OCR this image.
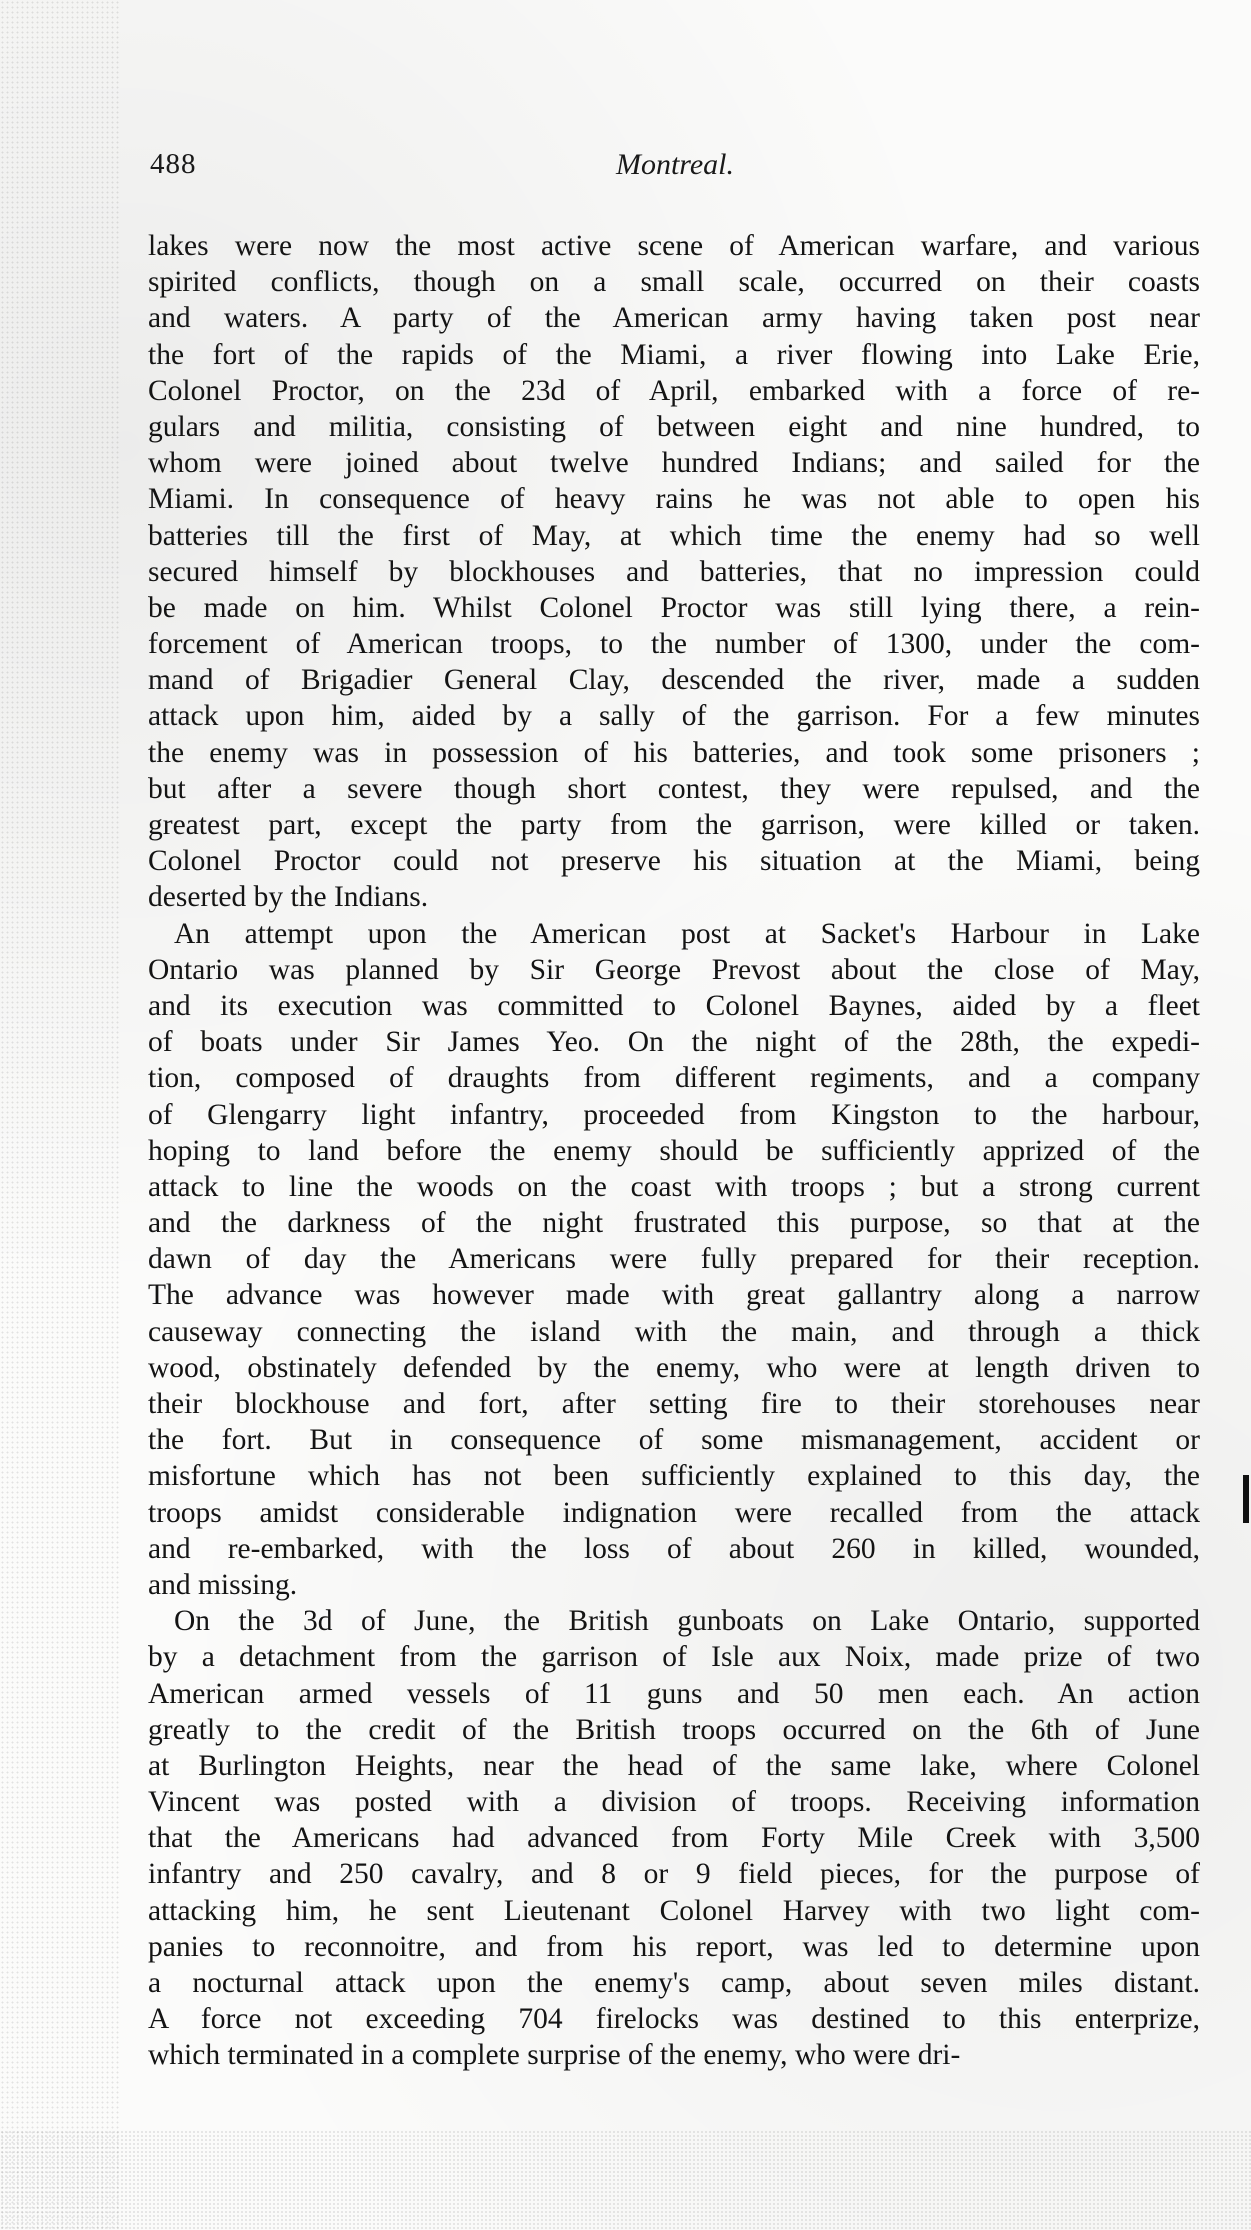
488	Montreal.
lakes were now the most active scene of American warfare, and various
spirited conflicts, though on a small scale, occurred on their coasts
and waters. A party of the American army having taken post near
the fort of the rapids of the Miami, a river flowing into Lake Erie,
Colonel Proctor, on the 23d of April, embarked with a force of re-
gulars and militia, consisting of between eight and nine hundred, to
whom were joined about twelve hundred Indians; and sailed for the
Miami. In consequence of heavy rains he was not able to open his
batteries till the first of May, at which time the enemy had so well
secured himself by blockhouses and batteries, that no impression could
be made on him. Whilst Colonel Proctor was still lying there, a rein-
forcement of American troops, to the number of 1300, under the com-
mand of Brigadier General Clay, descended the river, made a sudden
attack upon him, aided by a sally of the garrison. For a few minutes
the enemy was in possession of his batteries, and took some prisoners ;
but after a severe though short contest, they were repulsed, and the
greatest part, except the party from the garrison, were killed or taken.
Colonel Proctor could not preserve his situation at the Miami, being
deserted by the Indians.
An attempt upon the American post at Sacket's Harbour in Lake
Ontario was planned by Sir George Prevost about the close of May,
and its execution was committed to Colonel Baynes, aided by a fleet
of boats under Sir James Yeo. On the night of the 28th, the expedi-
tion, composed of draughts from different regiments, and a company
of Glengarry light infantry, proceeded from Kingston to the harbour,
hoping to land before the enemy should be sufficiently apprized of the
attack to line the woods on the coast with troops ; but a strong current
and the darkness of the night frustrated this purpose, so that at the
dawn of day the Americans were fully prepared for their reception.
The advance was however made with great gallantry along a narrow
causeway connecting the island with the main, and through a thick
wood, obstinately defended by the enemy, who were at length driven to
their blockhouse and fort, after setting fire to their storehouses near
the fort. But in consequence of some mismanagement, accident or
misfortune which has not been sufficiently explained to this day, the
troops amidst considerable indignation were recalled from the attack
and re-embarked, with the loss of about 260 in killed, wounded,
and missing.
On the 3d of June, the British gunboats on Lake Ontario, supported
by a detachment from the garrison of Isle aux Noix, made prize of two
American armed vessels of 11 guns and 50 men each. An action
greatly to the credit of the British troops occurred on the 6th of June
at Burlington Heights, near the head of the same lake, where Colonel
Vincent was posted with a division of troops. Receiving information
that the Americans had advanced from Forty Mile Creek with 3,500
infantry and 250 cavalry, and 8 or 9 field pieces, for the purpose of
attacking him, he sent Lieutenant Colonel Harvey with two light com-
panies to reconnoitre, and from his report, was led to determine upon
a nocturnal attack upon the enemy's camp, about seven miles distant.
A force not exceeding 704 firelocks was destined to this enterprize,
which terminated in a complete surprise of the enemy, who were dri-
